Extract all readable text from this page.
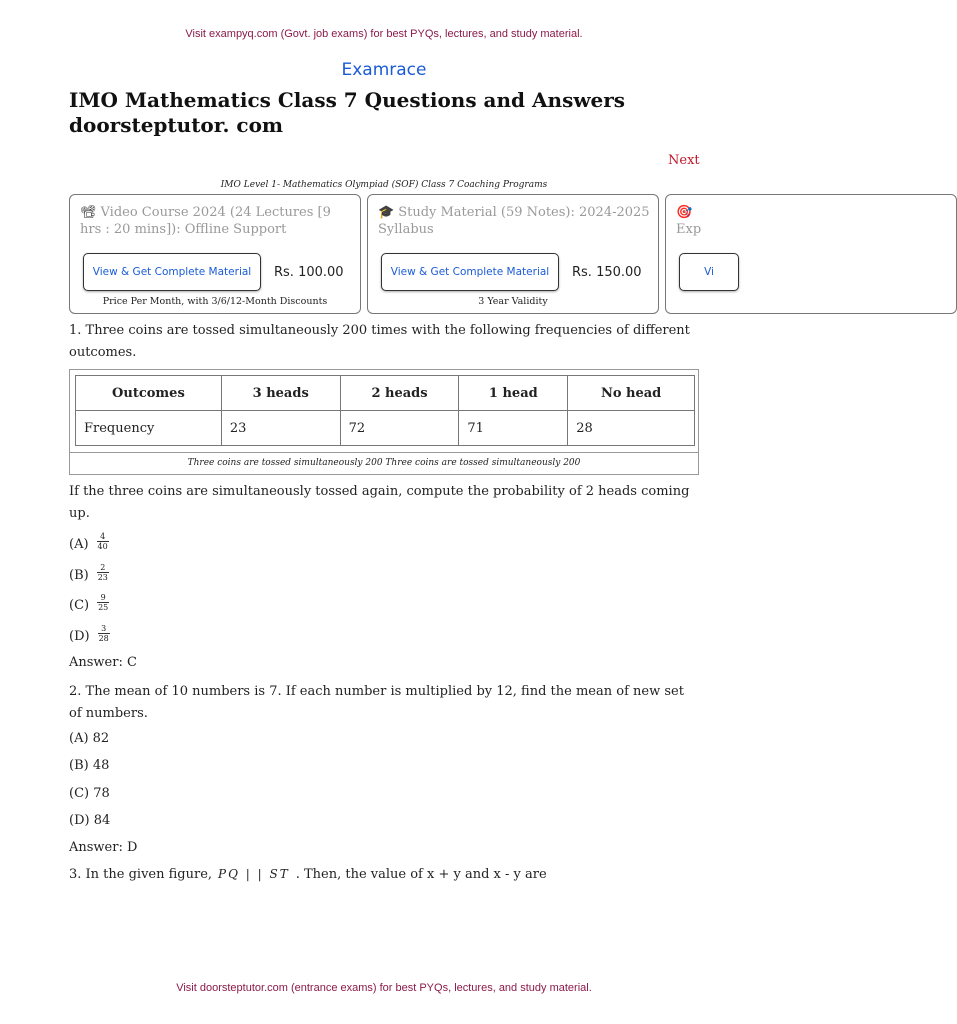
Visit exampyq.com (Govt. job exams) for best PYQs, lectures, and study material.
Examrace
IMO Mathematics Class 7 Questions and Answers doorsteptutor. com
Next
IMO Level 1- Mathematics Olympiad (SOF) Class 7 Coaching Programs
📽 Video Course 2024 (24 Lectures [9 hrs : 20 mins]): Offline Support
View & Get Complete Material	Rs. 100.00
Price Per Month, with 3/6/12-Month Discounts
🎓 Study Material (59 Notes): 2024-2025 Syllabus
View & Get Complete Material	Rs. 150.00
3 Year Validity
🎯
Exp
Vi

1. Three coins are tossed simultaneously 200 times with the following frequencies of different outcomes.

Outcomes	3 heads	2 heads	1 head	No head
Frequency	23	72	71	28
Three coins are tossed simultaneously 200 Three coins are tossed simultaneously 200

If the three coins are simultaneously tossed again, compute the probability of 2 heads coming up.

$(A) \frac{4}{40}$
$(B) \frac{2}{23}$
$(C) \frac{9}{25}$
$(D) \frac{3}{28}$
Answer: C

2. The mean of 10 numbers is 7. If each number is multiplied by 12, find the mean of new set of numbers.

(A) 82
(B) 48
(C) 78
(D) 84
Answer: D
3. In the given figure, PQ | | ST . Then, the value of x + y and x - y are
Visit doorsteptutor.com (entrance exams) for best PYQs, lectures, and study material.
